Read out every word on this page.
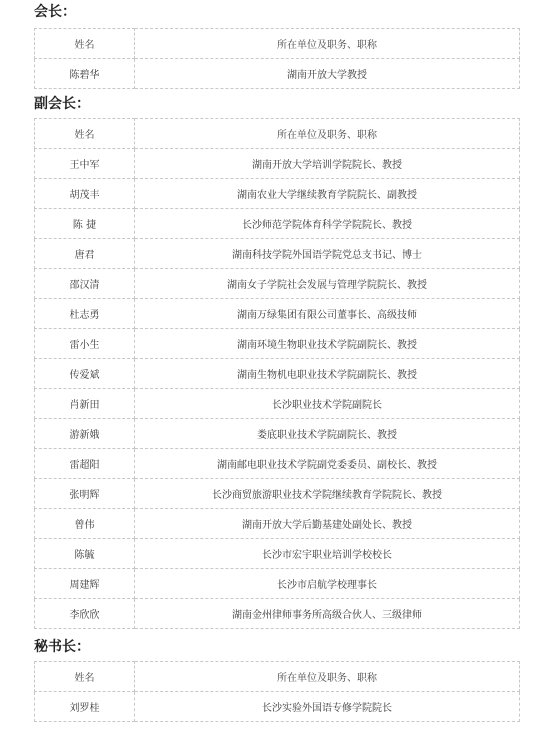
会长：
姓名	所在单位及职务、职称
陈碧华	湖南开放大学教授
副会长：
姓名	所在单位及职务、职称
王中军	湖南开放大学培训学院院长、教授
胡茂丰	湖南农业大学继续教育学院院长、副教授
陈 捷	长沙师范学院体育科学学院院长、教授
唐君	湖南科技学院外国语学院党总支书记、博士
邵汉清	湖南女子学院社会发展与管理学院院长、教授
杜志勇	湖南万绿集团有限公司董事长、高级技师
雷小生	湖南环境生物职业技术学院副院长、教授
传爱斌	湖南生物机电职业技术学院副院长、教授
肖新田	长沙职业技术学院副院长
游新娥	娄底职业技术学院副院长、教授
雷超阳	湖南邮电职业技术学院副党委委员、副校长、教授
张明辉	长沙商贸旅游职业技术学院继续教育学院院长、教授
曾伟	湖南开放大学后勤基建处副处长、教授
陈毓	长沙市宏宇职业培训学校校长
周建辉	长沙市启航学校理事长
李欣欣	湖南金州律师事务所高级合伙人、三级律师
秘书长：
姓名	所在单位及职务、职称
刘罗桂	长沙实验外国语专修学院院长
